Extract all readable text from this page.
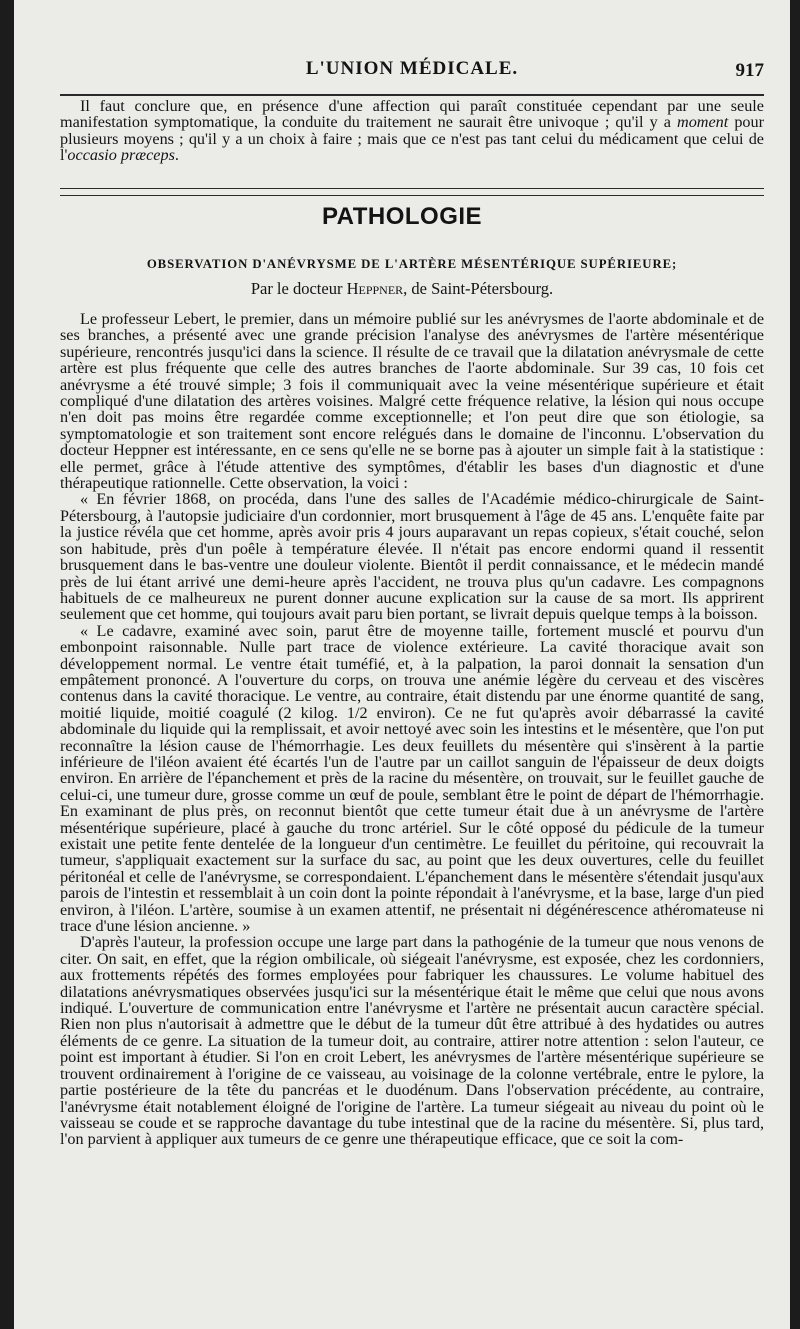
L'UNION MÉDICALE.	917

Il faut conclure que, en présence d'une affection qui paraît constituée cependant par une seule manifestation symptomatique, la conduite du traitement ne saurait être univoque ; qu'il y a moment pour plusieurs moyens ; qu'il y a un choix à faire ; mais que ce n'est pas tant celui du médicament que celui de l'occasio præceps.

PATHOLOGIE
OBSERVATION D'ANÉVRYSME DE L'ARTÈRE MÉSENTÉRIQUE SUPÉRIEURE;
Par le docteur Heppner, de Saint-Pétersbourg.

Le professeur Lebert, le premier, dans un mémoire publié sur les anévrysmes de l'aorte abdominale et de ses branches, a présenté avec une grande précision l'analyse des anévrysmes de l'artère mésentérique supérieure, rencontrés jusqu'ici dans la science. Il résulte de ce travail que la dilatation anévrysmale de cette artère est plus fréquente que celle des autres branches de l'aorte abdominale. Sur 39 cas, 10 fois cet anévrysme a été trouvé simple; 3 fois il communiquait avec la veine mésentérique supérieure et était compliqué d'une dilatation des artères voisines. Malgré cette fréquence relative, la lésion qui nous occupe n'en doit pas moins être regardée comme exceptionnelle; et l'on peut dire que son étiologie, sa symptomatologie et son traitement sont encore relégués dans le domaine de l'inconnu. L'observation du docteur Heppner est intéressante, en ce sens qu'elle ne se borne pas à ajouter un simple fait à la statistique : elle permet, grâce à l'étude attentive des symptômes, d'établir les bases d'un diagnostic et d'une thérapeutique rationnelle. Cette observation, la voici :

« En février 1868, on procéda, dans l'une des salles de l'Académie médico-chirurgicale de Saint-Pétersbourg, à l'autopsie judiciaire d'un cordonnier, mort brusquement à l'âge de 45 ans. L'enquête faite par la justice révéla que cet homme, après avoir pris 4 jours auparavant un repas copieux, s'était couché, selon son habitude, près d'un poêle à température élevée. Il n'était pas encore endormi quand il ressentit brusquement dans le bas-ventre une douleur violente. Bientôt il perdit connaissance, et le médecin mandé près de lui étant arrivé une demi-heure après l'accident, ne trouva plus qu'un cadavre. Les compagnons habituels de ce malheureux ne purent donner aucune explication sur la cause de sa mort. Ils apprirent seulement que cet homme, qui toujours avait paru bien portant, se livrait depuis quelque temps à la boisson.

« Le cadavre, examiné avec soin, parut être de moyenne taille, fortement musclé et pourvu d'un embonpoint raisonnable. Nulle part trace de violence extérieure. La cavité thoracique avait son développement normal. Le ventre était tuméfié, et, à la palpation, la paroi donnait la sensation d'un empâtement prononcé. A l'ouverture du corps, on trouva une anémie légère du cerveau et des viscères contenus dans la cavité thoracique. Le ventre, au contraire, était distendu par une énorme quantité de sang, moitié liquide, moitié coagulé (2 kilog. 1/2 environ). Ce ne fut qu'après avoir débarrassé la cavité abdominale du liquide qui la remplissait, et avoir nettoyé avec soin les intestins et le mésentère, que l'on put reconnaître la lésion cause de l'hémorrhagie. Les deux feuillets du mésentère qui s'insèrent à la partie inférieure de l'iléon avaient été écartés l'un de l'autre par un caillot sanguin de l'épaisseur de deux doigts environ. En arrière de l'épanchement et près de la racine du mésentère, on trouvait, sur le feuillet gauche de celui-ci, une tumeur dure, grosse comme un œuf de poule, semblant être le point de départ de l'hémorrhagie. En examinant de plus près, on reconnut bientôt que cette tumeur était due à un anévrysme de l'artère mésentérique supérieure, placé à gauche du tronc artériel. Sur le côté opposé du pédicule de la tumeur existait une petite fente dentelée de la longueur d'un centimètre. Le feuillet du péritoine, qui recouvrait la tumeur, s'appliquait exactement sur la surface du sac, au point que les deux ouvertures, celle du feuillet péritonéal et celle de l'anévrysme, se correspondaient. L'épanchement dans le mésentère s'étendait jusqu'aux parois de l'intestin et ressemblait à un coin dont la pointe répondait à l'anévrysme, et la base, large d'un pied environ, à l'iléon. L'artère, soumise à un examen attentif, ne présentait ni dégénérescence athéromateuse ni trace d'une lésion ancienne. »

D'après l'auteur, la profession occupe une large part dans la pathogénie de la tumeur que nous venons de citer. On sait, en effet, que la région ombilicale, où siégeait l'anévrysme, est exposée, chez les cordonniers, aux frottements répétés des formes employées pour fabriquer les chaussures. Le volume habituel des dilatations anévrysmatiques observées jusqu'ici sur la mésentérique était le même que celui que nous avons indiqué. L'ouverture de communication entre l'anévrysme et l'artère ne présentait aucun caractère spécial. Rien non plus n'autorisait à admettre que le début de la tumeur dût être attribué à des hydatides ou autres éléments de ce genre. La situation de la tumeur doit, au contraire, attirer notre attention : selon l'auteur, ce point est important à étudier. Si l'on en croit Lebert, les anévrysmes de l'artère mésentérique supérieure se trouvent ordinairement à l'origine de ce vaisseau, au voisinage de la colonne vertébrale, entre le pylore, la partie postérieure de la tête du pancréas et le duodénum. Dans l'observation précédente, au contraire, l'anévrysme était notablement éloigné de l'origine de l'artère. La tumeur siégeait au niveau du point où le vaisseau se coude et se rapproche davantage du tube intestinal que de la racine du mésentère. Si, plus tard, l'on parvient à appliquer aux tumeurs de ce genre une thérapeutique efficace, que ce soit la com-
